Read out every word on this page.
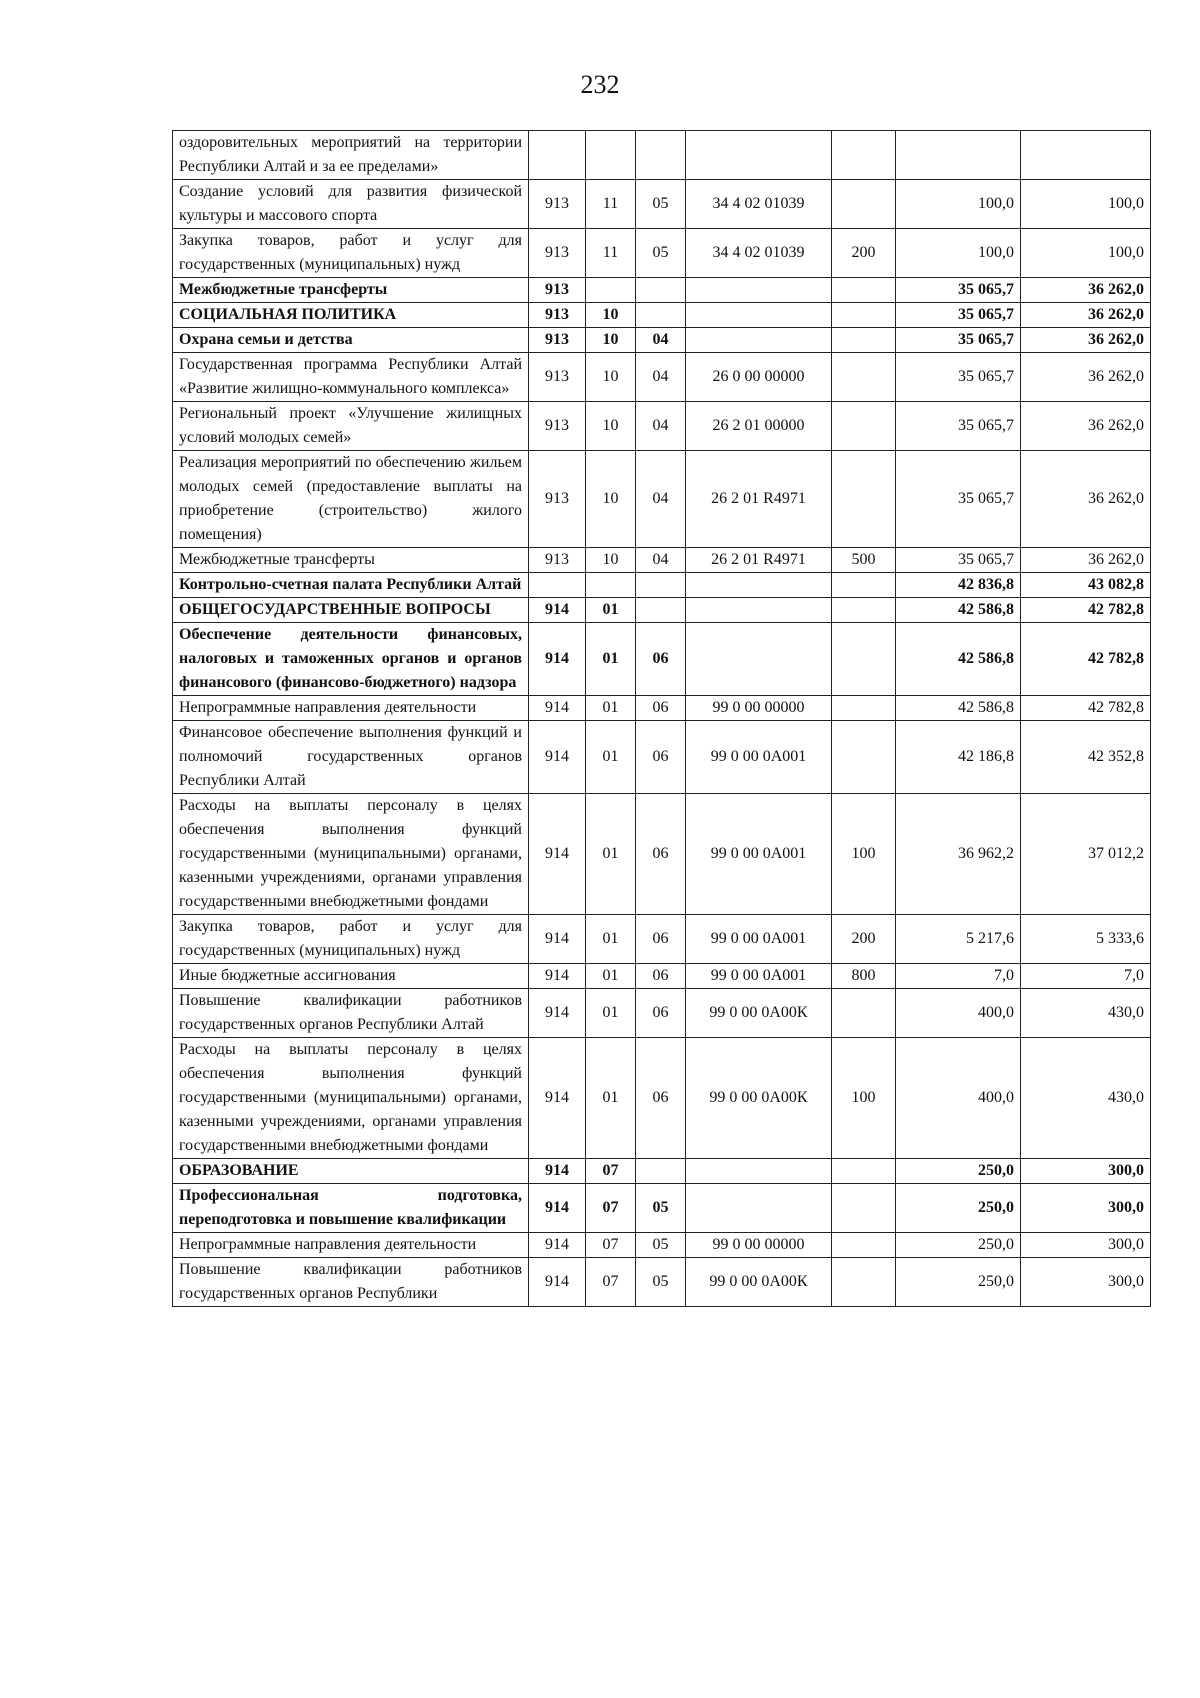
232
оздоровительных мероприятий на территории Республики Алтай и за ее пределами»							
Создание условий для развития физической культуры и массового спорта	913	11	05	34 4 02 01039		100,0	100,0
Закупка товаров, работ и услуг для государственных (муниципальных) нужд	913	11	05	34 4 02 01039	200	100,0	100,0
Межбюджетные трансферты	913					35 065,7	36 262,0
СОЦИАЛЬНАЯ ПОЛИТИКА	913	10				35 065,7	36 262,0
Охрана семьи и детства	913	10	04			35 065,7	36 262,0
Государственная программа Республики Алтай «Развитие жилищно-коммунального комплекса»	913	10	04	26 0 00 00000		35 065,7	36 262,0
Региональный проект «Улучшение жилищных условий молодых семей»	913	10	04	26 2 01 00000		35 065,7	36 262,0
Реализация мероприятий по обеспечению жильем молодых семей (предоставление выплаты на приобретение (строительство) жилого помещения)	913	10	04	26 2 01 R4971		35 065,7	36 262,0
Межбюджетные трансферты	913	10	04	26 2 01 R4971	500	35 065,7	36 262,0
Контрольно-счетная палата Республики Алтай						42 836,8	43 082,8
ОБЩЕГОСУДАРСТВЕННЫЕ ВОПРОСЫ	914	01				42 586,8	42 782,8
Обеспечение деятельности финансовых, налоговых и таможенных органов и органов финансового (финансово-бюджетного) надзора	914	01	06			42 586,8	42 782,8
Непрограммные направления деятельности	914	01	06	99 0 00 00000		42 586,8	42 782,8
Финансовое обеспечение выполнения функций и полномочий государственных органов Республики Алтай	914	01	06	99 0 00 0А001		42 186,8	42 352,8
Расходы на выплаты персоналу в целях обеспечения выполнения функций государственными (муниципальными) органами, казенными учреждениями, органами управления государственными внебюджетными фондами	914	01	06	99 0 00 0А001	100	36 962,2	37 012,2
Закупка товаров, работ и услуг для государственных (муниципальных) нужд	914	01	06	99 0 00 0А001	200	5 217,6	5 333,6
Иные бюджетные ассигнования	914	01	06	99 0 00 0А001	800	7,0	7,0
Повышение квалификации работников государственных органов Республики Алтай	914	01	06	99 0 00 0А00К		400,0	430,0
Расходы на выплаты персоналу в целях обеспечения выполнения функций государственными (муниципальными) органами, казенными учреждениями, органами управления государственными внебюджетными фондами	914	01	06	99 0 00 0А00К	100	400,0	430,0
ОБРАЗОВАНИЕ	914	07				250,0	300,0
Профессиональная подготовка, переподготовка и повышение квалификации	914	07	05			250,0	300,0
Непрограммные направления деятельности	914	07	05	99 0 00 00000		250,0	300,0
Повышение квалификации работников государственных органов Республики	914	07	05	99 0 00 0А00К		250,0	300,0
